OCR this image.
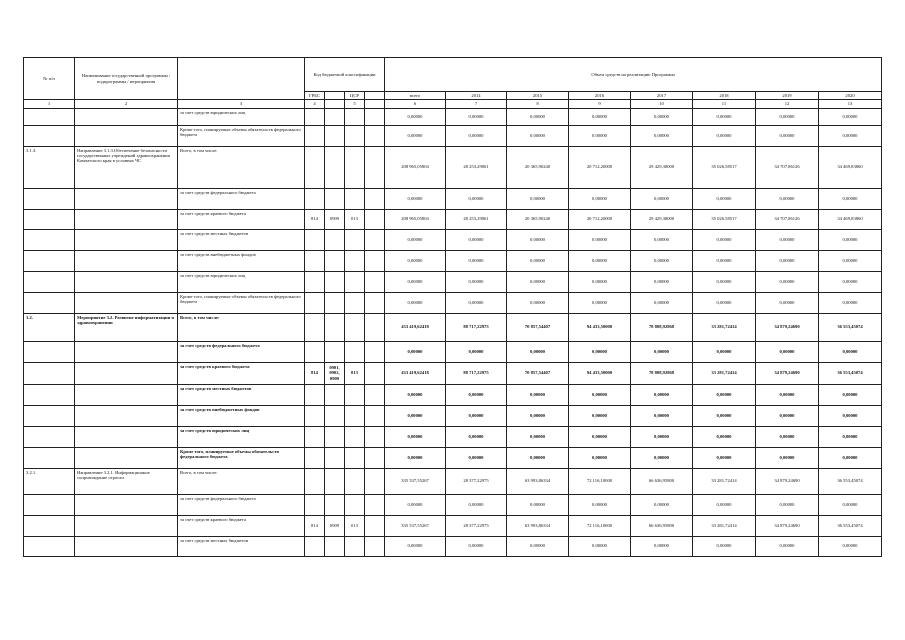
№ п/п	Наименование государственной программы / подпрограммы / мероприятия		Код бюджетной классификации				Объем средств на реализацию Программы							
			ГРБС		ЦСР		всего	2014	2015	2016	2017	2018	2019	2020
1	2	3	4		5		6	7	8	9	10	11	12	13
		за счет средств юридических лиц					0,00000	0,00000	0,00000	0,00000	0,00000	0,00000	0,00000	0,00000
		Кроме того, планируемые объемы обязательств федерального бюджета					0,00000	0,00000	0,00000	0,00000	0,00000	0,00000	0,00000	0,00000
3.1.3.	Направление 3.1.3.Обеспечение безопасности государственных учреждений здравоохранения Камчатского края в условиях ЧС	Всего, в том числе:					208 965,05804	28 253,29061	20 365,90240	20 712,20000	29 429,38000	35 026,58517	34 707,86126	34 469,83860
		за счет средств федерального бюджета					0,00000	0,00000	0,00000	0,00000	0,00000	0,00000	0,00000	0,00000
		за счет средств краевого бюджета	814	0909	013		208 965,05804	28 253,29061	20 365,90240	20 712,20000	29 429,38000	35 026,58517	34 707,86126	34 469,83860
		за счет средств местных бюджетов					0,00000	0,00000	0,00000	0,00000	0,00000	0,00000	0,00000	0,00000
		за счет средств внебюджетных фондов					0,00000	0,00000	0,00000	0,00000	0,00000	0,00000	0,00000	0,00000
		за счет средств юридических лиц					0,00000	0,00000	0,00000	0,00000	0,00000	0,00000	0,00000	0,00000
		Кроме того, планируемые объемы обязательств федерального бюджета					0,00000	0,00000	0,00000	0,00000	0,00000	0,00000	0,00000	0,00000
3.2.	Мероприятие 3.2. Развитие информатизации в здравоохранении	Всего, в том числе:					433 419,62418	88 717,22975	70 857,54407	94 433,50000	78 808,92868	33 281,72414	34 879,24690	36 553,45074
		за счет средств федерального бюджета					0,00000	0,00000	0,00000	0,00000	0,00000	0,00000	0,00000	0,00000
		за счет средств краевого бюджета	814	0901, 0902, 0909	013		433 419,62418	88 717,22975	70 857,54407	94 433,50000	78 808,92868	33 281,72414	34 879,24690	36 553,45074
		за счет средств местных бюджетов					0,00000	0,00000	0,00000	0,00000	0,00000	0,00000	0,00000	0,00000
		за счет средств внебюджетных фондов					0,00000	0,00000	0,00000	0,00000	0,00000	0,00000	0,00000	0,00000
		за счет средств юридических лиц					0,00000	0,00000	0,00000	0,00000	0,00000	0,00000	0,00000	0,00000
		Кроме того, планируемые объемы обязательств федерального бюджета					0,00000	0,00000	0,00000	0,00000	0,00000	0,00000	0,00000	0,00000
3.2.1.	Направление 3.2.1. Информационное сопровождение отрасли	Всего, в том числе:					335 537,55267	28 377,22975	63 993,86334	72 116,10000	66 636,95800	33 281,72414	34 879,24690	36 553,45074
		за счет средств федерального бюджета					0,00000	0,00000	0,00000	0,00000	0,00000	0,00000	0,00000	0,00000
		за счет средств краевого бюджета	814	0909	013		335 537,55267	28 377,22975	63 993,86334	72 116,10000	66 636,95800	33 281,72414	34 879,24690	36 553,45074
		за счет средств местных бюджетов					0,00000	0,00000	0,00000	0,00000	0,00000	0,00000	0,00000	0,00000
